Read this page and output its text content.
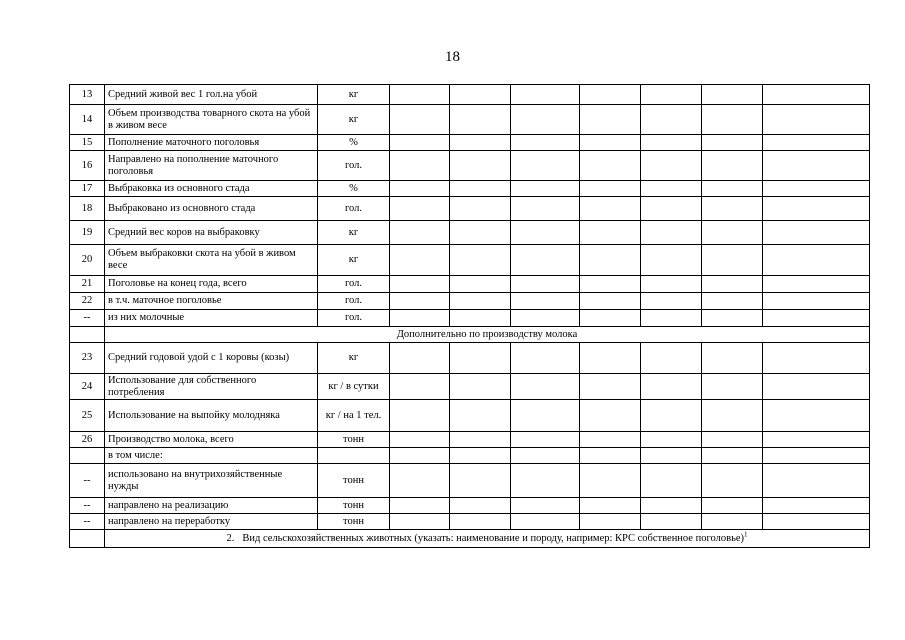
18
13	Средний живой вес 1 гол.на убой	кг							
14	Объем производства товарного скота на убой в живом весе	кг							
15	Пополнение маточного поголовья	%							
16	Направлено на пополнение маточного поголовья	гол.							
17	Выбраковка из основного стада	%							
18	Выбраковано из основного стада	гол.							
19	Средний вес коров на выбраковку	кг							
20	Объем выбраковки скота на убой в живом весе	кг							
21	Поголовье на конец года, всего	гол.							
22	в т.ч. маточное поголовье	гол.							
--	из них молочные	гол.							
	Дополнительно по производству молока								
23	Средний годовой удой с 1 коровы (козы)	кг							
24	Использование для собственного потребления	кг / в сутки							
25	Использование на выпойку молодняка	кг / на 1 тел.							
26	Производство молока, всего	тонн							
	в том числе:								
--	использовано на внутрихозяйственные нужды	тонн							
--	направлено на реализацию	тонн							
--	направлено на переработку	тонн							
	2. Вид сельскохозяйственных животных (указать: наименование и породу, например: КРС собственное поголовье)$^1$
